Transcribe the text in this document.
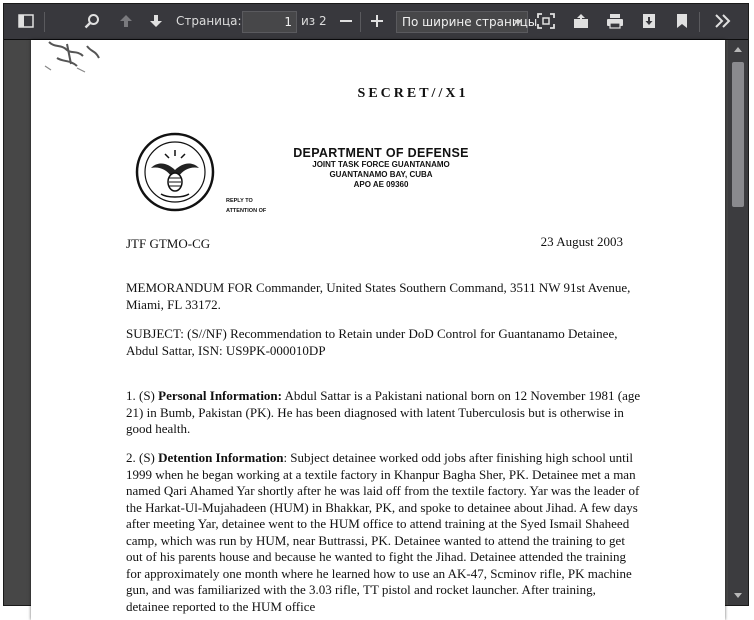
Страница:	1 из 2	По ширине страницы
SECRET//X1
DEPARTMENT OF DEFENSE
JOINT TASK FORCE GUANTANAMO
GUANTANAMO BAY, CUBA
APO AE 09360
REPLY TO
ATTENTION OF
JTF GTMO-CG	23 August 2003
MEMORANDUM FOR Commander, United States Southern Command, 3511 NW 91st Avenue, Miami, FL 33172.
SUBJECT: (S//NF) Recommendation to Retain under DoD Control for Guantanamo Detainee, Abdul Sattar, ISN: US9PK-000010DP
1. (S) Personal Information: Abdul Sattar is a Pakistani national born on 12 November 1981 (age 21) in Bumb, Pakistan (PK). He has been diagnosed with latent Tuberculosis but is otherwise in good health.
2. (S) Detention Information: Subject detainee worked odd jobs after finishing high school until 1999 when he began working at a textile factory in Khanpur Bagha Sher, PK. Detainee met a man named Qari Ahamed Yar shortly after he was laid off from the textile factory. Yar was the leader of the Harkat-Ul-Mujahadeen (HUM) in Bhakkar, PK, and spoke to detainee about Jihad. A few days after meeting Yar, detainee went to the HUM office to attend training at the Syed Ismail Shaheed camp, which was run by HUM, near Buttrassi, PK. Detainee wanted to attend the training to get out of his parents house and because he wanted to fight the Jihad. Detainee attended the training for approximately one month where he learned how to use an AK-47, Scminov rifle, PK machine gun, and was familiarized with the 3.03 rifle, TT pistol and rocket launcher. After training, detainee reported to the HUM office
